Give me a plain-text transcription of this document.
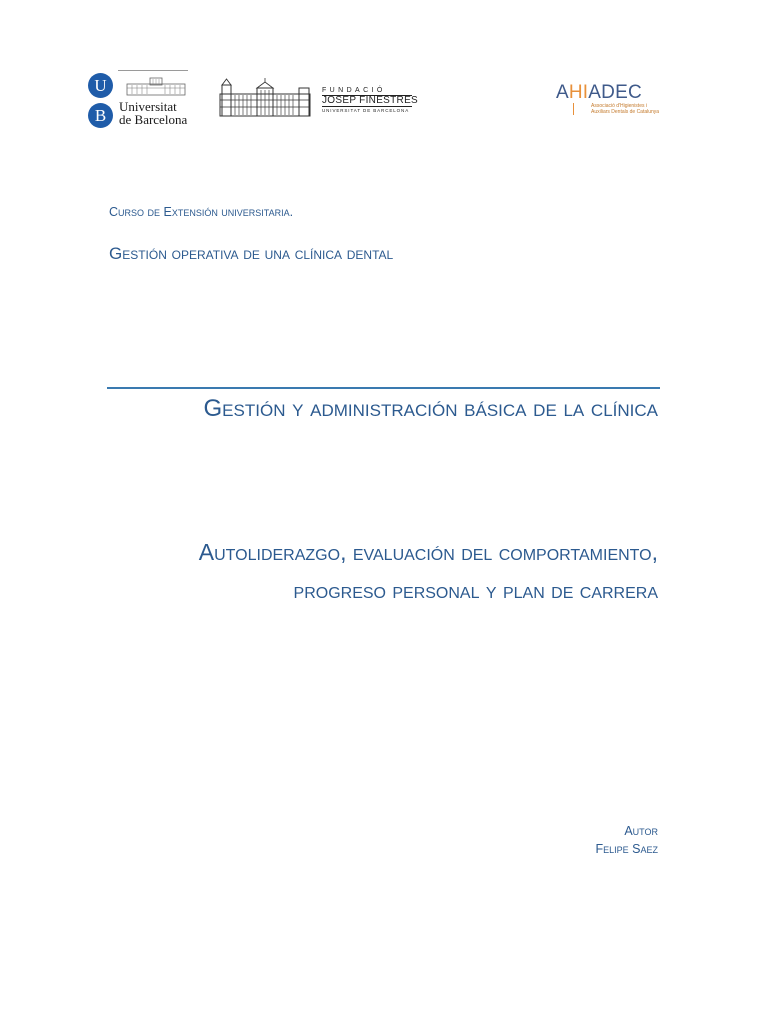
U
B Universitat
de Barcelona
FUNDACIÓ
JOSEP FINESTRES
UNIVERSITAT DE BARCELONA
AHIADEC
Associació d'Higienistes i
Auxiliars Dentals de Catalunya
Curso de Extensión universitaria.
Gestión operativa de una clínica dental
Gestión y administración básica de la clínica
Autoliderazgo, evaluación del comportamiento, progreso personal y plan de carrera
Autor
Felipe Saez
